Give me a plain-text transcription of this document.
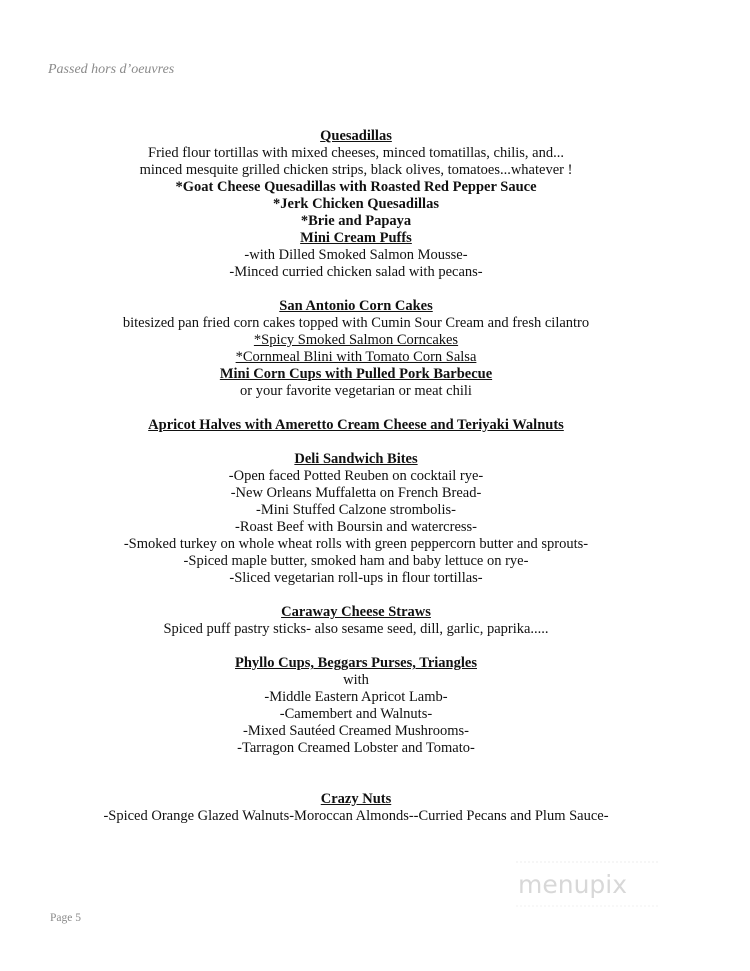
Passed hors d’oeuvres

Quesadillas
Fried flour tortillas with mixed cheeses, minced tomatillas, chilis, and...
minced mesquite grilled chicken strips, black olives, tomatoes...whatever !
*Goat Cheese Quesadillas with Roasted Red Pepper Sauce
*Jerk Chicken Quesadillas
*Brie and Papaya
Mini Cream Puffs
-with Dilled Smoked Salmon Mousse-
-Minced curried chicken salad with pecans-
San Antonio Corn Cakes
bitesized pan fried corn cakes topped with Cumin Sour Cream and fresh cilantro
*Spicy Smoked Salmon Corncakes
*Cornmeal Blini with Tomato Corn Salsa
Mini Corn Cups with Pulled Pork Barbecue
or your favorite vegetarian or meat chili
Apricot Halves with Ameretto Cream Cheese and Teriyaki Walnuts
Deli Sandwich Bites
-Open faced Potted Reuben on cocktail rye-
-New Orleans Muffaletta on French Bread-
-Mini Stuffed Calzone strombolis-
-Roast Beef with Boursin and watercress-
-Smoked turkey on whole wheat rolls with green peppercorn butter and sprouts-
-Spiced maple butter, smoked ham and baby lettuce on rye-
-Sliced vegetarian roll-ups in flour tortillas-
Caraway Cheese Straws
Spiced puff pastry sticks- also sesame seed, dill, garlic, paprika.....
Phyllo Cups, Beggars Purses, Triangles
with
-Middle Eastern Apricot Lamb-
-Camembert and Walnuts-
-Mixed Sautéed Creamed Mushrooms-
-Tarragon Creamed Lobster and Tomato-
Crazy Nuts
-Spiced Orange Glazed Walnuts-Moroccan Almonds--Curried Pecans and Plum Sauce-
menupix
Page 5
